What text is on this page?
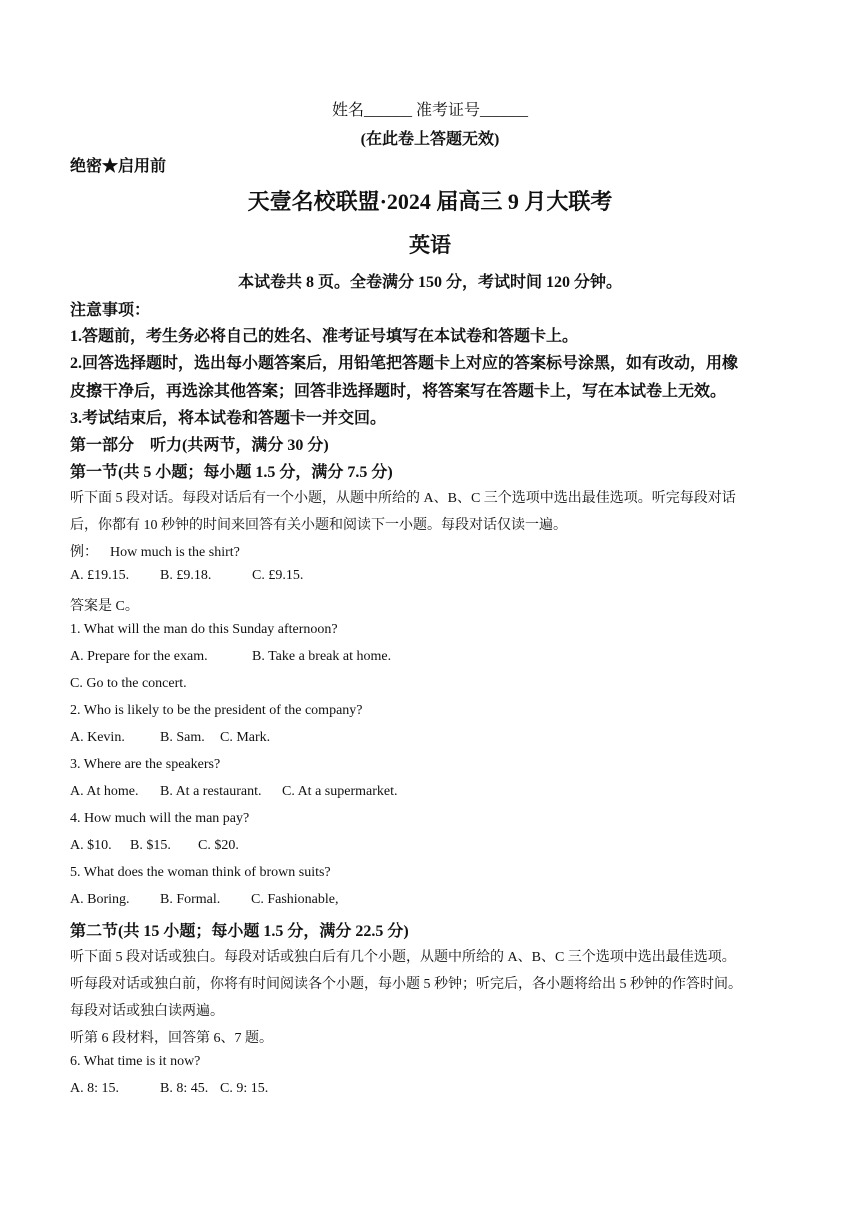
姓名______ 准考证号______
(在此卷上答题无效)
绝密★启用前
天壹名校联盟·2024 届高三 9 月大联考
英语
本试卷共 8 页。全卷满分 150 分，考试时间 120 分钟。
注意事项：
1.答题前，考生务必将自己的姓名、准考证号填写在本试卷和答题卡上。
2.回答选择题时，选出每小题答案后，用铅笔把答题卡上对应的答案标号涂黑，如有改动，用橡
皮擦干净后，再选涂其他答案；回答非选择题时，将答案写在答题卡上，写在本试卷上无效。
3.考试结束后，将本试卷和答题卡一并交回。
第一部分　听力(共两节，满分 30 分)
第一节(共 5 小题；每小题 1.5 分，满分 7.5 分)
听下面 5 段对话。每段对话后有一个小题，从题中所给的 A、B、C 三个选项中选出最佳选项。听完每段对话
后，你都有 10 秒钟的时间来回答有关小题和阅读下一小题。每段对话仅读一遍。
例： How much is the shirt?
A. £19.15. B. £9.18.	C. £9.15.
答案是 C。
1. What will the man do this Sunday afternoon?
A. Prepare for the exam.	B. Take a break at home.
C. Go to the concert.
2. Who is likely to be the president of the company?
A. Kevin.	B. Sam. C. Mark.
3. Where are the speakers?
A. At home. B. At a restaurant. C. At a supermarket.
4. How much will the man pay?
A. $10. B. $15. C. $20.
5. What does the woman think of brown suits?
A. Boring. B. Formal. C. Fashionable,
第二节(共 15 小题；每小题 1.5 分，满分 22.5 分)
听下面 5 段对话或独白。每段对话或独白后有几个小题，从题中所给的 A、B、C 三个选项中选出最佳选项。
听每段对话或独白前，你将有时间阅读各个小题，每小题 5 秒钟；听完后，各小题将给出 5 秒钟的作答时间。
每段对话或独白读两遍。
听第 6 段材料，回答第 6、7 题。
6. What time is it now?
A. 8: 15.	B. 8: 45. C. 9: 15.
